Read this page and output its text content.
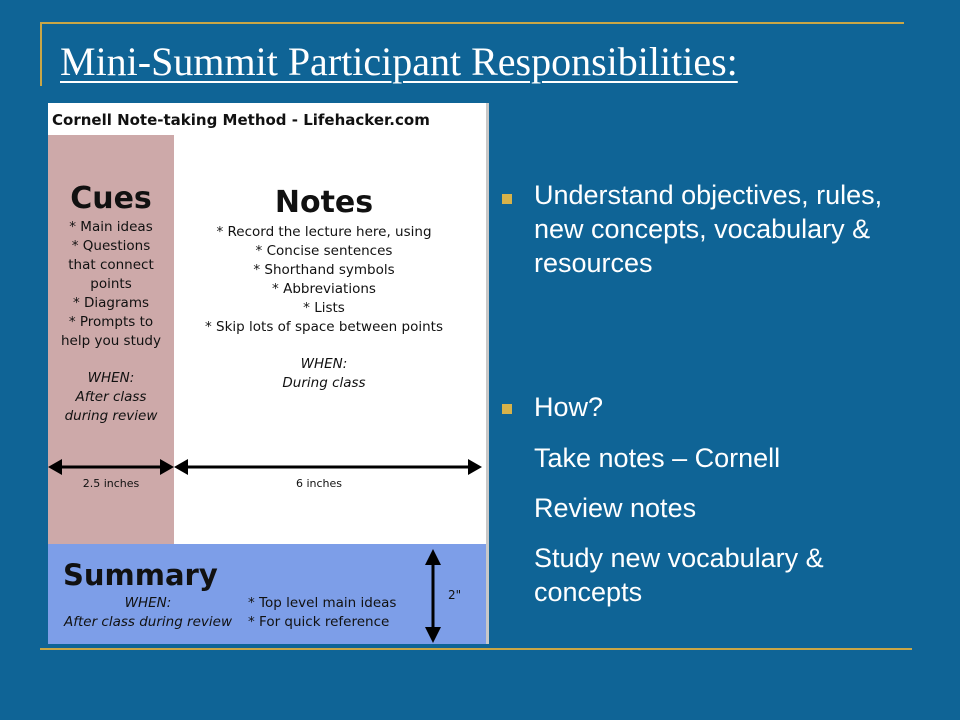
Mini-Summit Participant Responsibilities:
Cornell Note-taking Method - Lifehacker.com
Cues
* Main ideas
* Questions
that connect
points
* Diagrams
* Prompts to
help you study
WHEN:
After class
during review
Notes
* Record the lecture here, using
* Concise sentences
* Shorthand symbols
* Abbreviations
* Lists
* Skip lots of space between points
WHEN:
During class
2.5 inches	6 inches
Summary
WHEN:
After class during review
* Top level main ideas
* For quick reference
2"
Understand objectives, rules, new concepts, vocabulary & resources
How?
Take notes – Cornell
Review notes
Study new vocabulary & concepts
